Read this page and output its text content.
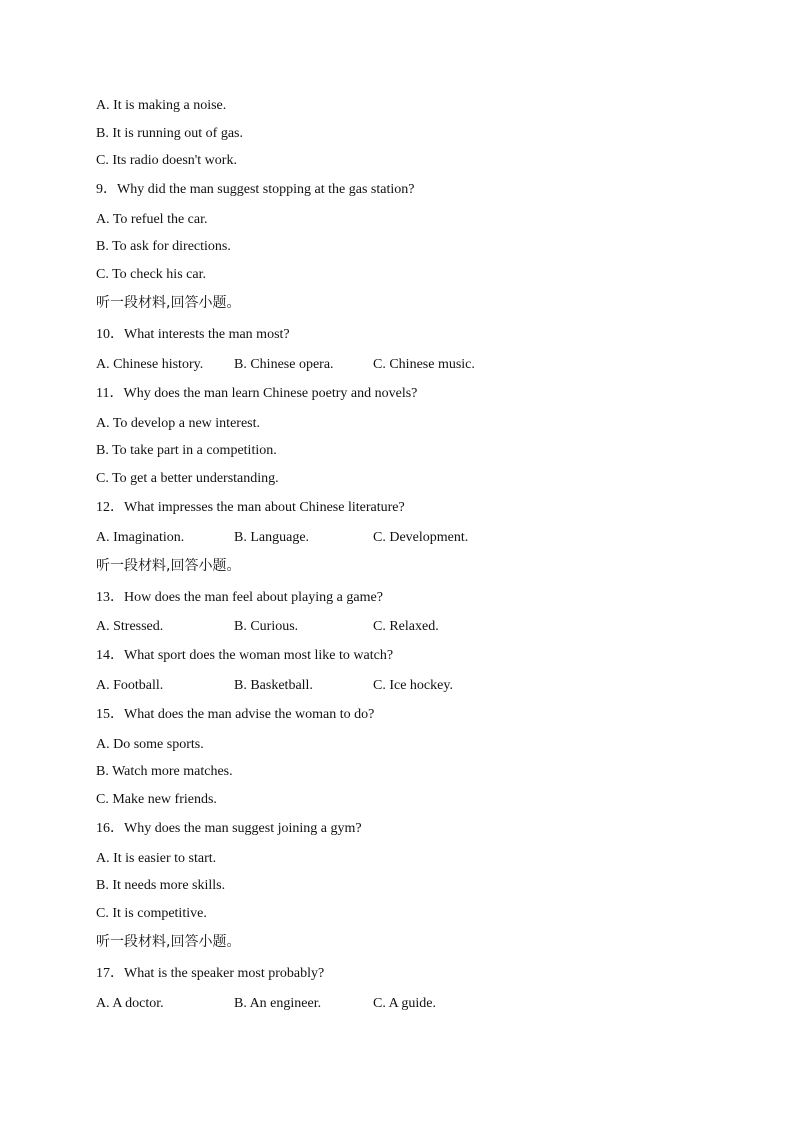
A. It is making a noise.
B. It is running out of gas.
C. Its radio doesn't work.
9．Why did the man suggest stopping at the gas station?
A. To refuel the car.
B. To ask for directions.
C. To check his car.
听一段材料,回答小题。
10．What interests the man most?
A. Chinese history. B. Chinese opera.	C. Chinese music.
11．Why does the man learn Chinese poetry and novels?
A. To develop a new interest.
B. To take part in a competition.
C. To get a better understanding.
12．What impresses the man about Chinese literature?
A. Imagination.	B. Language.	C. Development.
听一段材料,回答小题。
13．How does the man feel about playing a game?
A. Stressed.	B. Curious.	C. Relaxed.
14．What sport does the woman most like to watch?
A. Football.	B. Basketball.	C. Ice hockey.
15．What does the man advise the woman to do?
A. Do some sports.
B. Watch more matches.
C. Make new friends.
16．Why does the man suggest joining a gym?
A. It is easier to start.
B. It needs more skills.
C. It is competitive.
听一段材料,回答小题。
17．What is the speaker most probably?
A. A doctor.	B. An engineer.	C. A guide.
